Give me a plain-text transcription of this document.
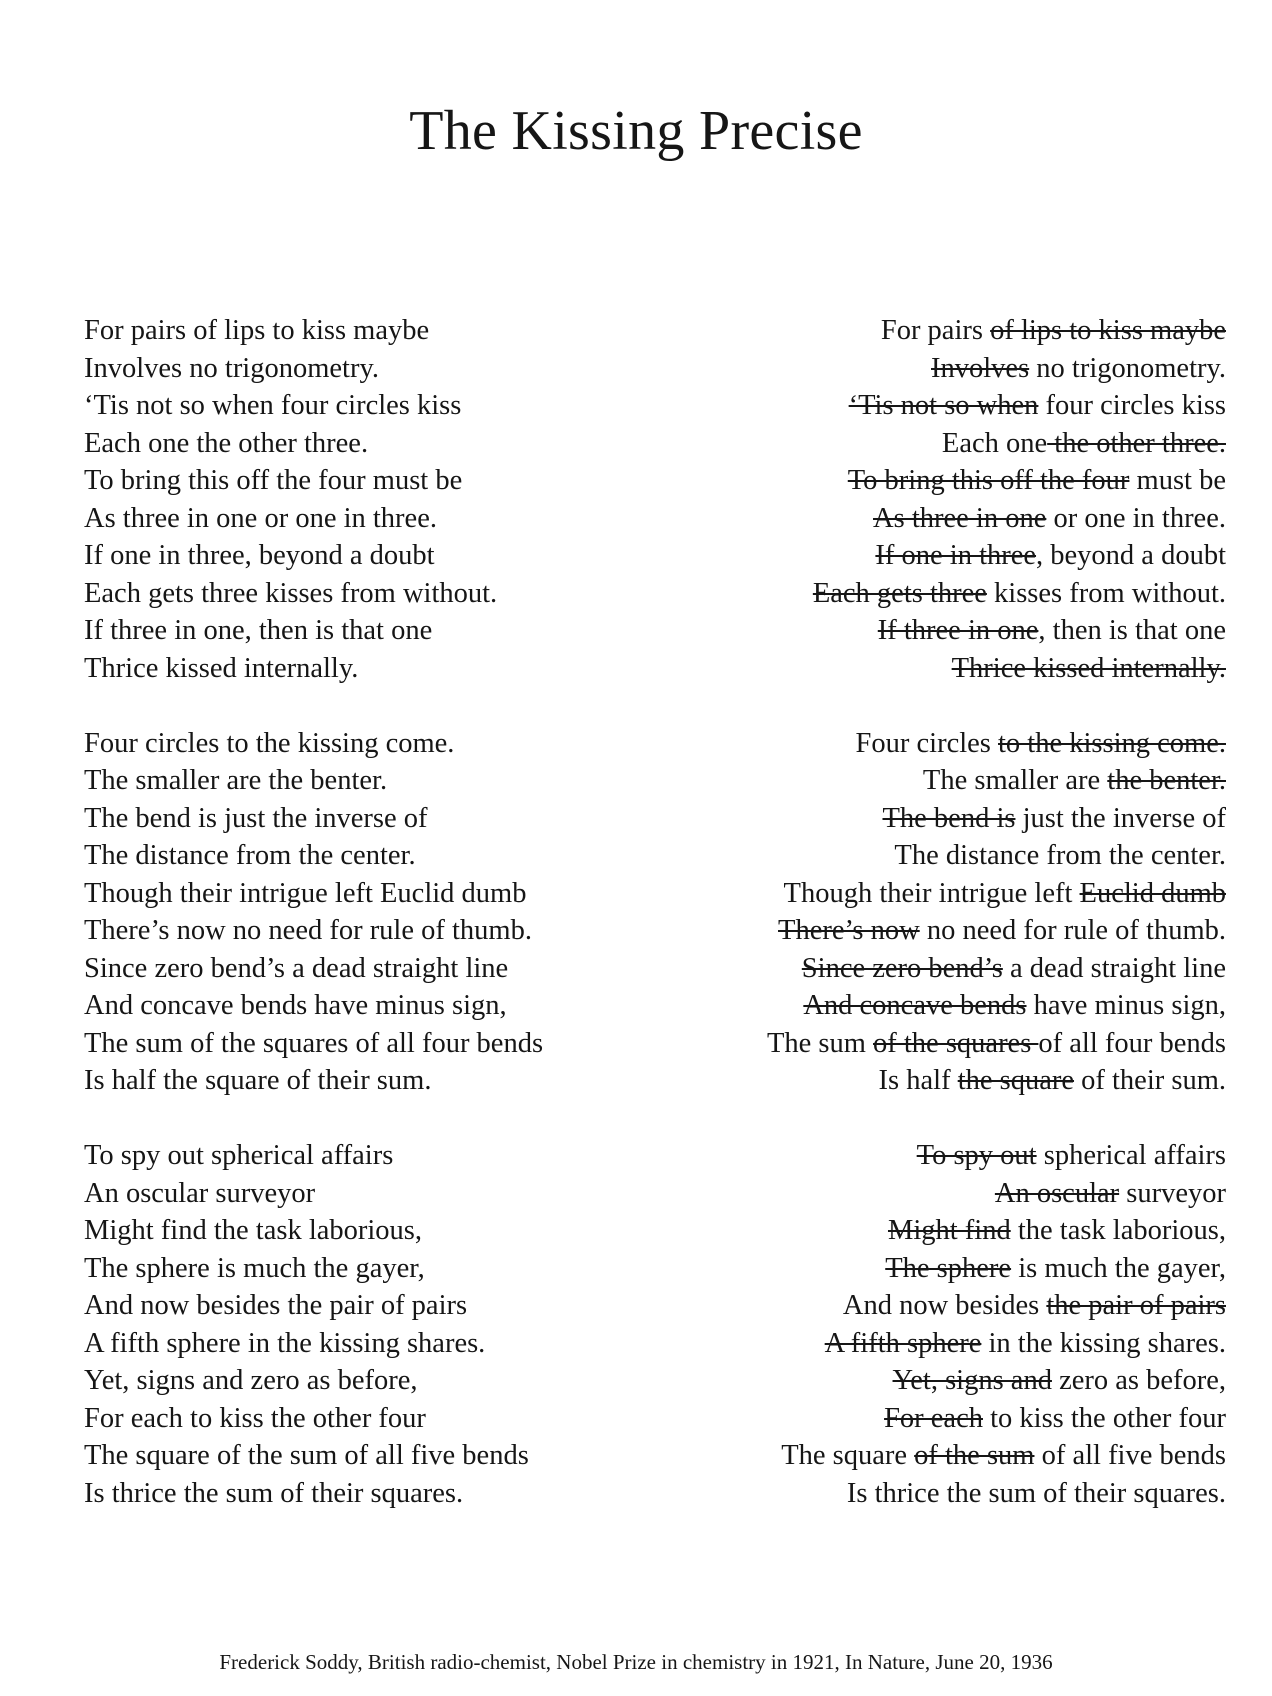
The Kissing Precise
For pairs of lips to kiss maybe
Involves no trigonometry.
‘Tis not so when four circles kiss
Each one the other three.
To bring this off the four must be
As three in one or one in three.
If one in three, beyond a doubt
Each gets three kisses from without.
If three in one, then is that one
Thrice kissed internally.
Four circles to the kissing come.
The smaller are the benter.
The bend is just the inverse of
The distance from the center.
Though their intrigue left Euclid dumb
There’s now no need for rule of thumb.
Since zero bend’s a dead straight line
And concave bends have minus sign,
The sum of the squares of all four bends
Is half the square of their sum.
To spy out spherical affairs
An oscular surveyor
Might find the task laborious,
The sphere is much the gayer,
And now besides the pair of pairs
A fifth sphere in the kissing shares.
Yet, signs and zero as before,
For each to kiss the other four
The square of the sum of all five bends
Is thrice the sum of their squares.
For pairs of lips to kiss maybe
Involves no trigonometry.
‘Tis not so when four circles kiss
Each one the other three.
To bring this off the four must be
As three in one or one in three.
If one in three, beyond a doubt
Each gets three kisses from without.
If three in one, then is that one
Thrice kissed internally.
Four circles to the kissing come.
The smaller are the benter.
The bend is just the inverse of
The distance from the center.
Though their intrigue left Euclid dumb
There’s now no need for rule of thumb.
Since zero bend’s a dead straight line
And concave bends have minus sign,
The sum of the squares of all four bends
Is half the square of their sum.
To spy out spherical affairs
An oscular surveyor
Might find the task laborious,
The sphere is much the gayer,
And now besides the pair of pairs
A fifth sphere in the kissing shares.
Yet, signs and zero as before,
For each to kiss the other four
The square of the sum of all five bends
Is thrice the sum of their squares.
Frederick Soddy, British radio-chemist, Nobel Prize in chemistry in 1921, In Nature, June 20, 1936
